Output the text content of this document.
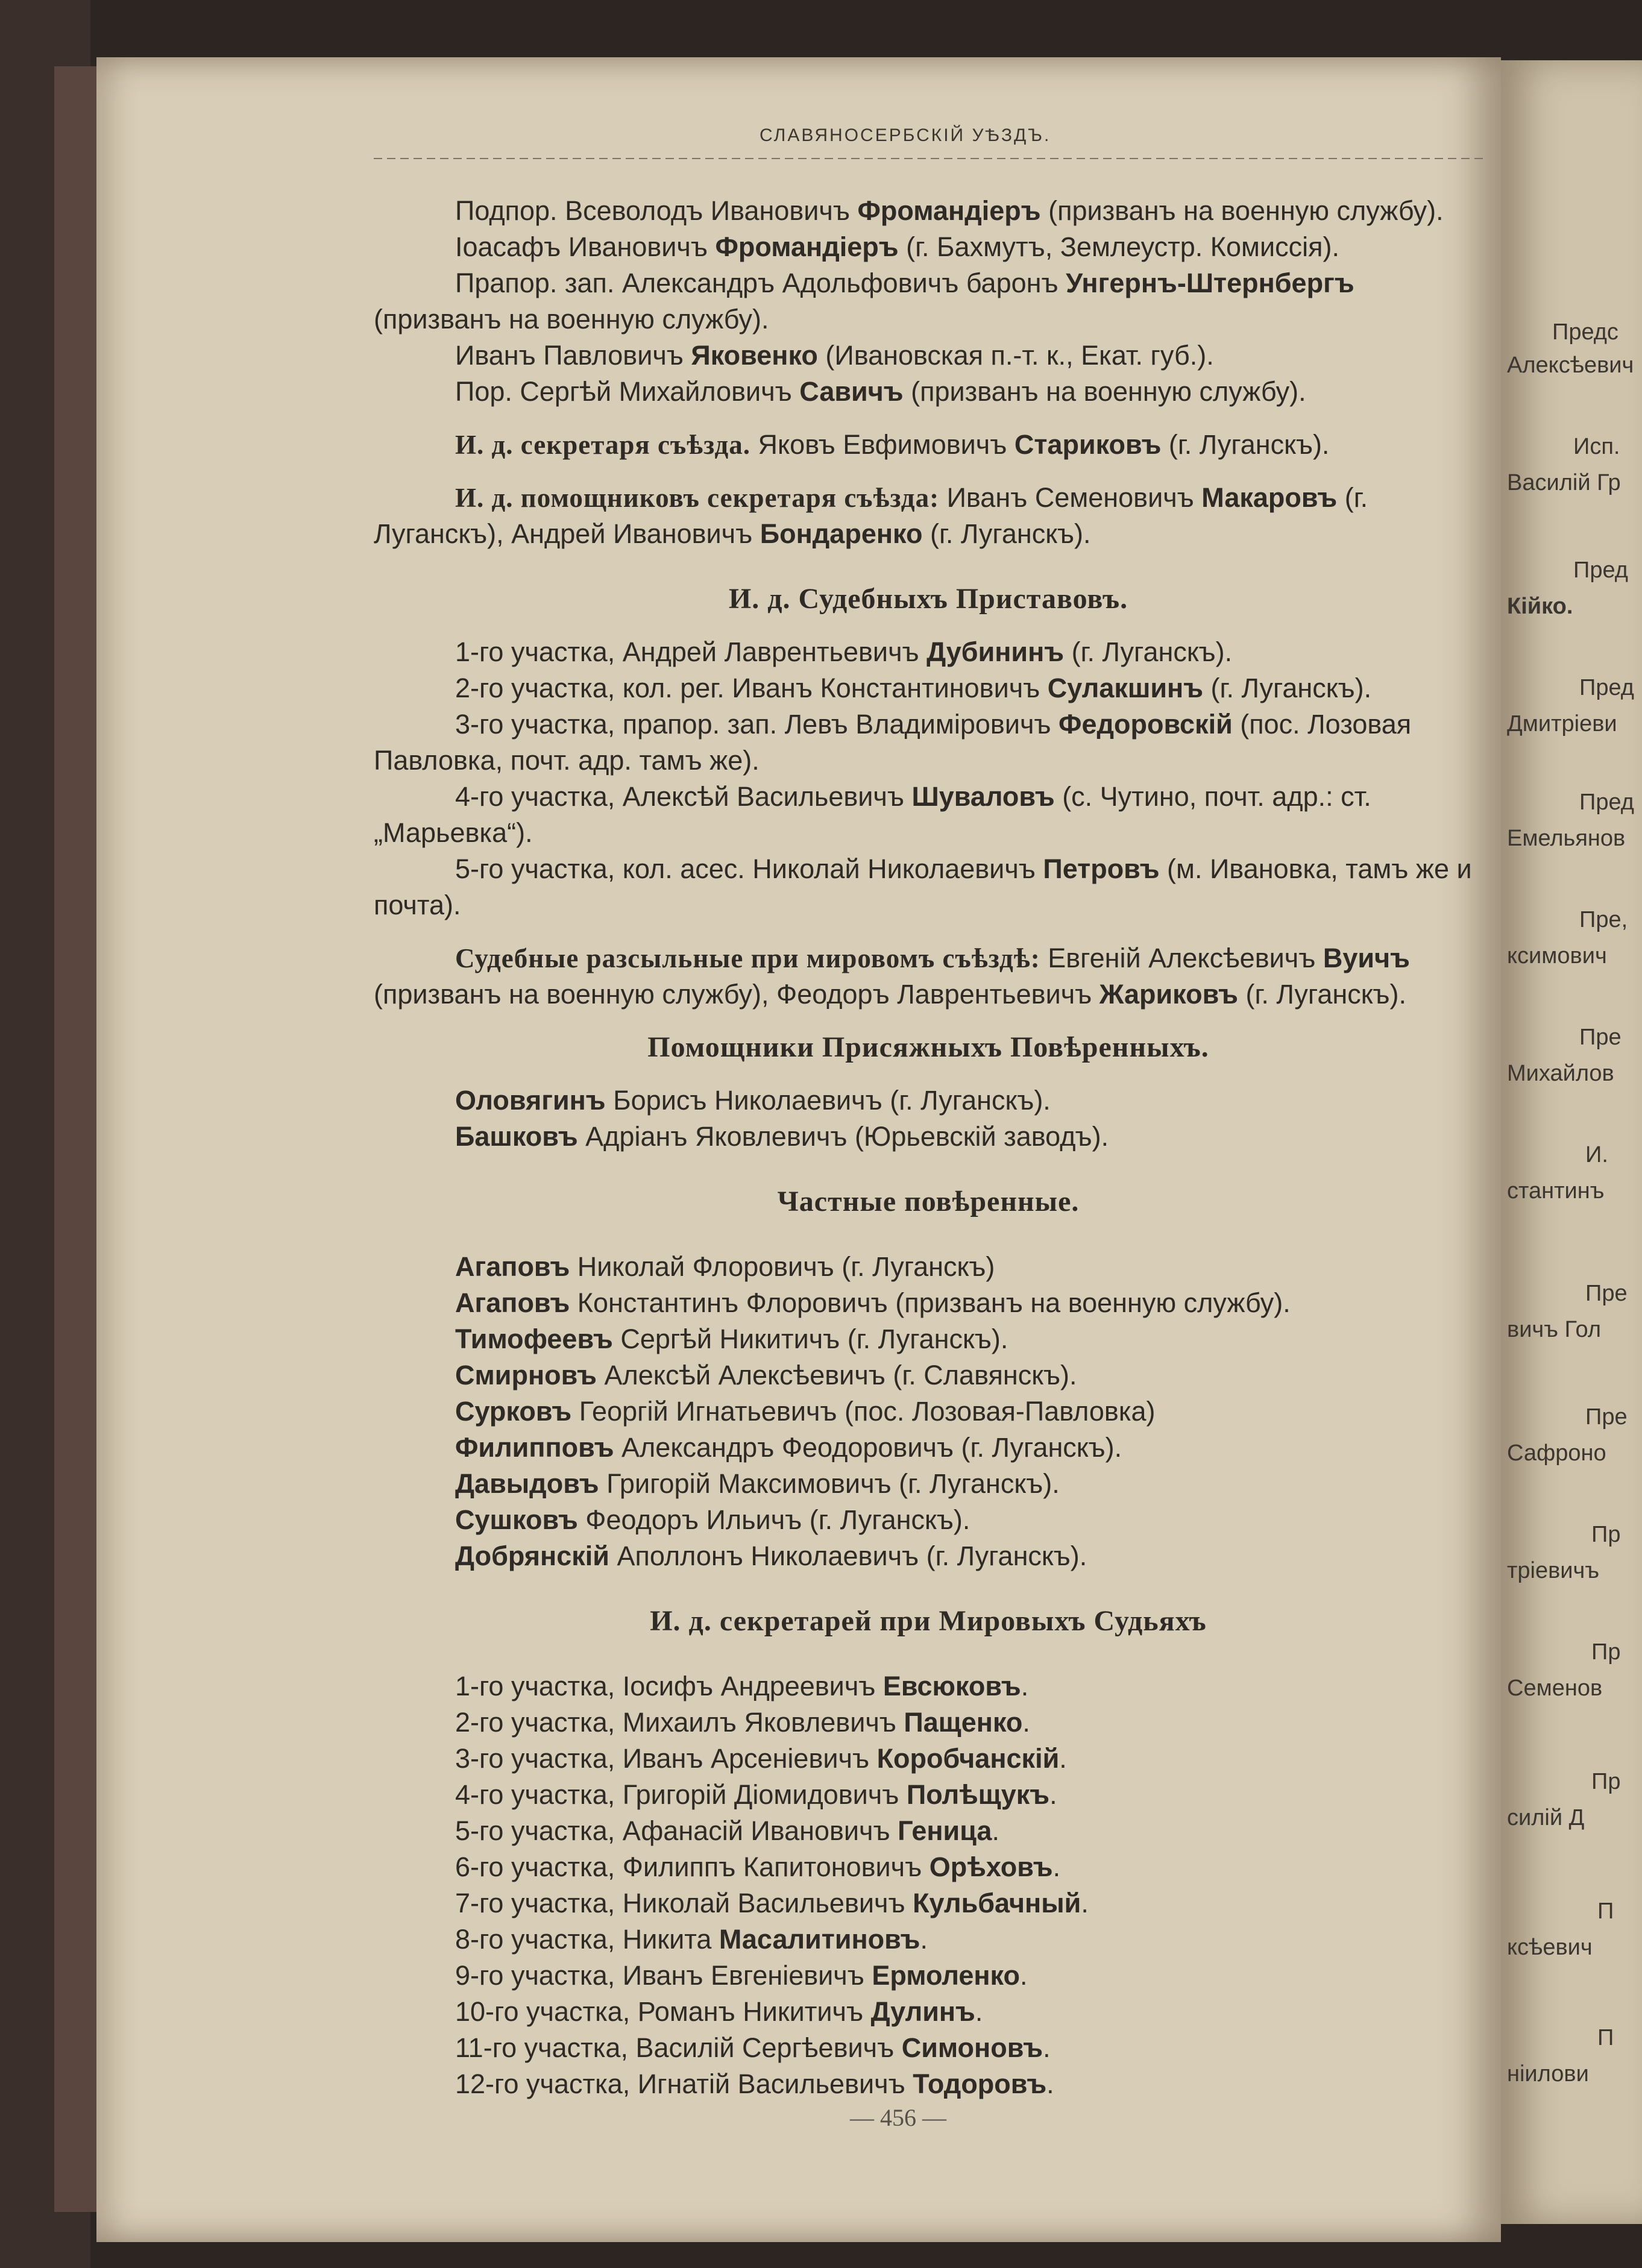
СЛАВЯНОСЕРБСКІЙ УѢЗДЪ.

Подпор. Всеволодъ Ивановичъ Фромандіеръ (призванъ на военную службу).

Іоасафъ Ивановичъ Фромандіеръ (г. Бахмутъ, Землеустр. Комиссія).

Прапор. зап. Александръ Адольфовичъ баронъ Унгернъ-Штернбергъ (призванъ на военную службу).

Иванъ Павловичъ Яковенко (Ивановская п.-т. к., Екат. губ.).

Пор. Сергѣй Михайловичъ Савичъ (призванъ на военную службу).

И. д. секретаря съѣзда. Яковъ Евфимовичъ Стариковъ (г. Луганскъ).

И. д. помощниковъ секретаря съѣзда: Иванъ Семеновичъ Макаровъ (г. Луганскъ), Андрей Ивановичъ Бондаренко (г. Луганскъ).

И. д. Судебныхъ Приставовъ.

1-го участка, Андрей Лаврентьевичъ Дубининъ (г. Луганскъ).

2-го участка, кол. рег. Иванъ Константиновичъ Сулакшинъ (г. Луганскъ).

3-го участка, прапор. зап. Левъ Владиміровичъ Федоровскій (пос. Лозовая Павловка, почт. адр. тамъ же).

4-го участка, Алексѣй Васильевичъ Шуваловъ (с. Чутино, почт. адр.: ст. „Марьевка“).

5-го участка, кол. асес. Николай Николаевичъ Петровъ (м. Ивановка, тамъ же и почта).

Судебные разсыльные при мировомъ съѣздѣ: Евгеній Алексѣевичъ Вуичъ (призванъ на военную службу), Феодоръ Лаврентьевичъ Жариковъ (г. Луганскъ).

Помощники Присяжныхъ Повѣренныхъ.

Оловягинъ Борисъ Николаевичъ (г. Луганскъ).

Башковъ Адріанъ Яковлевичъ (Юрьевскій заводъ).

Частные повѣренные.

Агаповъ Николай Флоровичъ (г. Луганскъ)

Агаповъ Константинъ Флоровичъ (призванъ на военную службу).

Тимофеевъ Сергѣй Никитичъ (г. Луганскъ).

Смирновъ Алексѣй Алексѣевичъ (г. Славянскъ).

Сурковъ Георгій Игнатьевичъ (пос. Лозовая-Павловка)

Филипповъ Александръ Феодоровичъ (г. Луганскъ).

Давыдовъ Григорій Максимовичъ (г. Луганскъ).

Сушковъ Феодоръ Ильичъ (г. Луганскъ).

Добрянскій Аполлонъ Николаевичъ (г. Луганскъ).

И. д. секретарей при Мировыхъ Судьяхъ

1-го участка, Іосифъ Андреевичъ Евсюковъ.

2-го участка, Михаилъ Яковлевичъ Пащенко.

3-го участка, Иванъ Арсеніевичъ Коробчанскій.

4-го участка, Григорій Діомидовичъ Полѣщукъ.

5-го участка, Афанасій Ивановичъ Геница.

6-го участка, Филиппъ Капитоновичъ Орѣховъ.

7-го участка, Николай Васильевичъ Кульбачный.

8-го участка, Никита Масалитиновъ.

9-го участка, Иванъ Евгеніевичъ Ермоленко.

10-го участка, Романъ Никитичъ Дулинъ.

11-го участка, Василій Сергѣевичъ Симоновъ.

12-го участка, Игнатій Васильевичъ Тодоровъ.

— 456 —
Предс
Алексѣевич
Исп.
Василій Гр
Пред
Кійко.
Пред
Дмитріеви
Пред
Емельянов
Пре,
ксимович
Пре
Михайлов
И.
стантинъ
Пре
вичъ Гол
Пре
Сафроно
Пр
тріевичъ
Пр
Семенов
Пр
силій Д
П
ксѣевич
П
ніилови
